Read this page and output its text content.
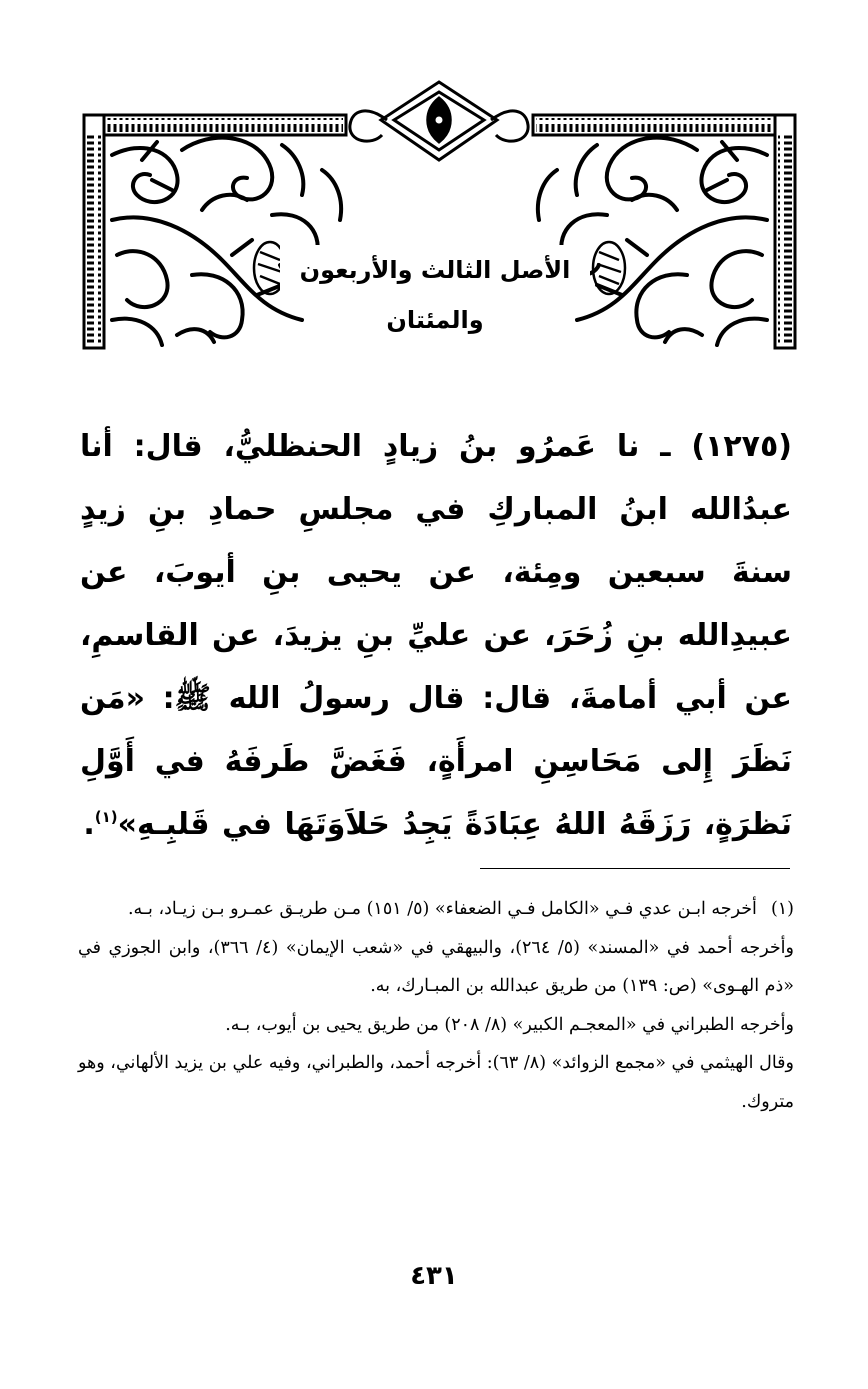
الأصل الثالث والأربعون والمئتان
(١٢٧٥) ـ نا عَمرُو بنُ زيادٍ الحنظليُّ، قال: أنا عبدُالله ابنُ المباركِ في مجلسِ حمادِ بنِ زيدٍ سنةَ سبعين ومِئة، عن يحيى بنِ أيوبَ، عن عبيدِالله بنِ زُحَرَ، عن عليِّ بنِ يزيدَ، عن القاسمِ، عن أبي أمامةَ، قال: قال رسولُ الله ﷺ: «مَن نَظَرَ إِلى مَحَاسِنِ امرأَةٍ، فَغَضَّ طَرفَهُ في أَوَّلِ نَظرَةٍ، رَزَقَهُ اللهُ عِبَادَةً يَجِدُ حَلاَوَتَهَا في قَلبِـهِ»$^{(١)}$.

(١)أخرجه ابـن عدي فـي «الكامل فـي الضعفاء» (٥/ ١٥١) مـن طريـق عمـرو بـن زيـاد، بـه.

وأخرجه أحمد في «المسند» (٥/ ٢٦٤)، والبيهقي في «شعب الإيمان» (٤/ ٣٦٦)، وابن الجوزي في «ذم الهـوى» (ص: ١٣٩) من طريق عبدالله بن المبـارك، به.

وأخرجه الطبراني في «المعجـم الكبير» (٨/ ٢٠٨) من طريق يحيى بن أيوب، بـه.

وقال الهيثمي في «مجمع الزوائد» (٨/ ٦٣): أخرجه أحمد، والطبراني، وفيه علي بن يزيد الألهاني، وهو متروك.

٤٣١
